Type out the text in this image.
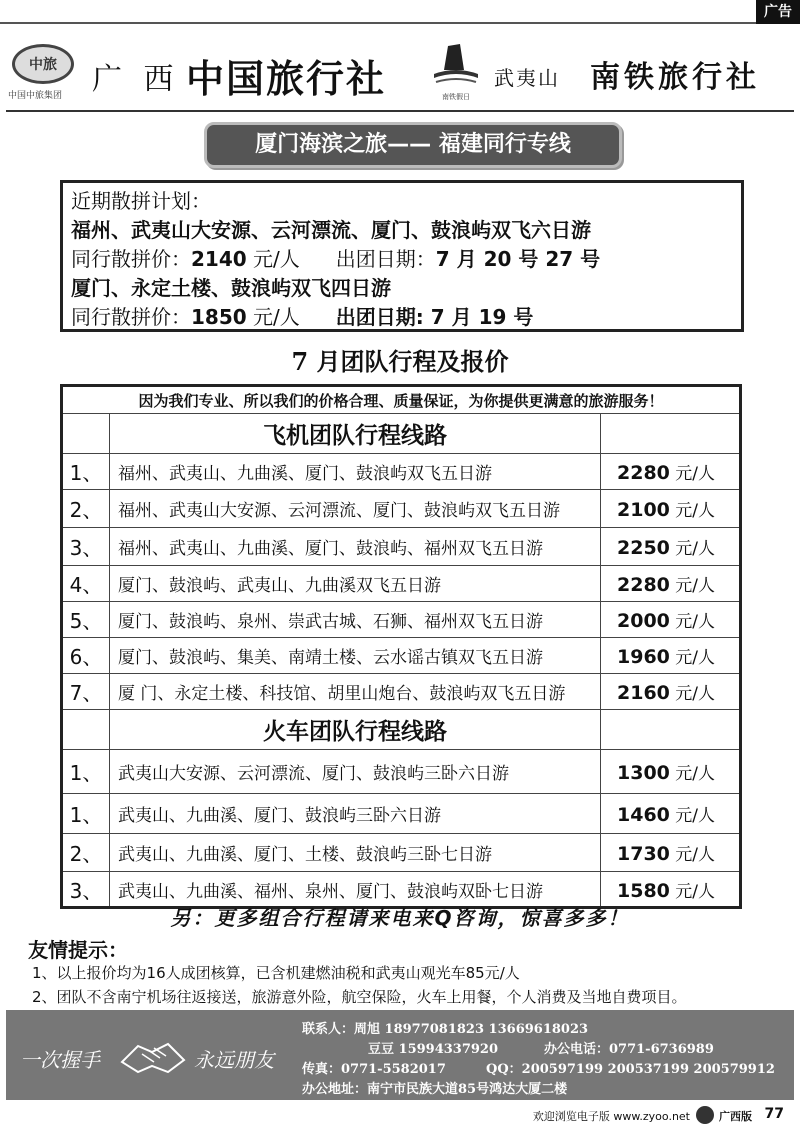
广告
中旅
中国中旅集团 广 西 中国旅行社	南铁假日
武夷山 南铁旅行社
厦门海滨之旅—— 福建同行专线
近期散拼计划：
福州、武夷山大安源、云河漂流、厦门、鼓浪屿双飞六日游
同行散拼价：2140 元/人 出团日期：7 月 20 号 27 号
厦门、永定土楼、鼓浪屿双飞四日游
同行散拼价：1850 元/人 出团日期: 7 月 19 号
7 月团队行程及报价
因为我们专业、所以我们的价格合理、质量保证，为你提供更满意的旅游服务！		
	飞机团队行程线路	
1、	福州、武夷山、九曲溪、厦门、鼓浪屿双飞五日游	2280 元/人
2、	福州、武夷山大安源、云河漂流、厦门、鼓浪屿双飞五日游	2100 元/人
3、	福州、武夷山、九曲溪、厦门、鼓浪屿、福州双飞五日游	2250 元/人
4、	厦门、鼓浪屿、武夷山、九曲溪双飞五日游	2280 元/人
5、	厦门、鼓浪屿、泉州、崇武古城、石狮、福州双飞五日游	2000 元/人
6、	厦门、鼓浪屿、集美、南靖土楼、云水谣古镇双飞五日游	1960 元/人
7、	厦 门、永定土楼、科技馆、胡里山炮台、鼓浪屿双飞五日游	2160 元/人
	火车团队行程线路	
1、	武夷山大安源、云河漂流、厦门、鼓浪屿三卧六日游	1300 元/人
1、	武夷山、九曲溪、厦门、鼓浪屿三卧六日游	1460 元/人
2、	武夷山、九曲溪、厦门、土楼、鼓浪屿三卧七日游	1730 元/人
3、	武夷山、九曲溪、福州、泉州、厦门、鼓浪屿双卧七日游	1580 元/人
另：更多组合行程请来电来Q咨询，惊喜多多！
友情提示：
1、以上报价均为16人成团核算，已含机建燃油税和武夷山观光车85元/人
2、团队不含南宁机场往返接送，旅游意外险，航空保险，火车上用餐，个人消费及当地自费项目。
一次握手	永远朋友
联系人：周旭 18977081823 13669618023
豆豆 15994337920	办公电话：0771-6736989
传真：0771-5582017	QQ：200597199 200537199 200579912
办公地址：南宁市民族大道85号鸿达大厦二楼
欢迎浏览电子版 www.zyoo.net	广西版 77
